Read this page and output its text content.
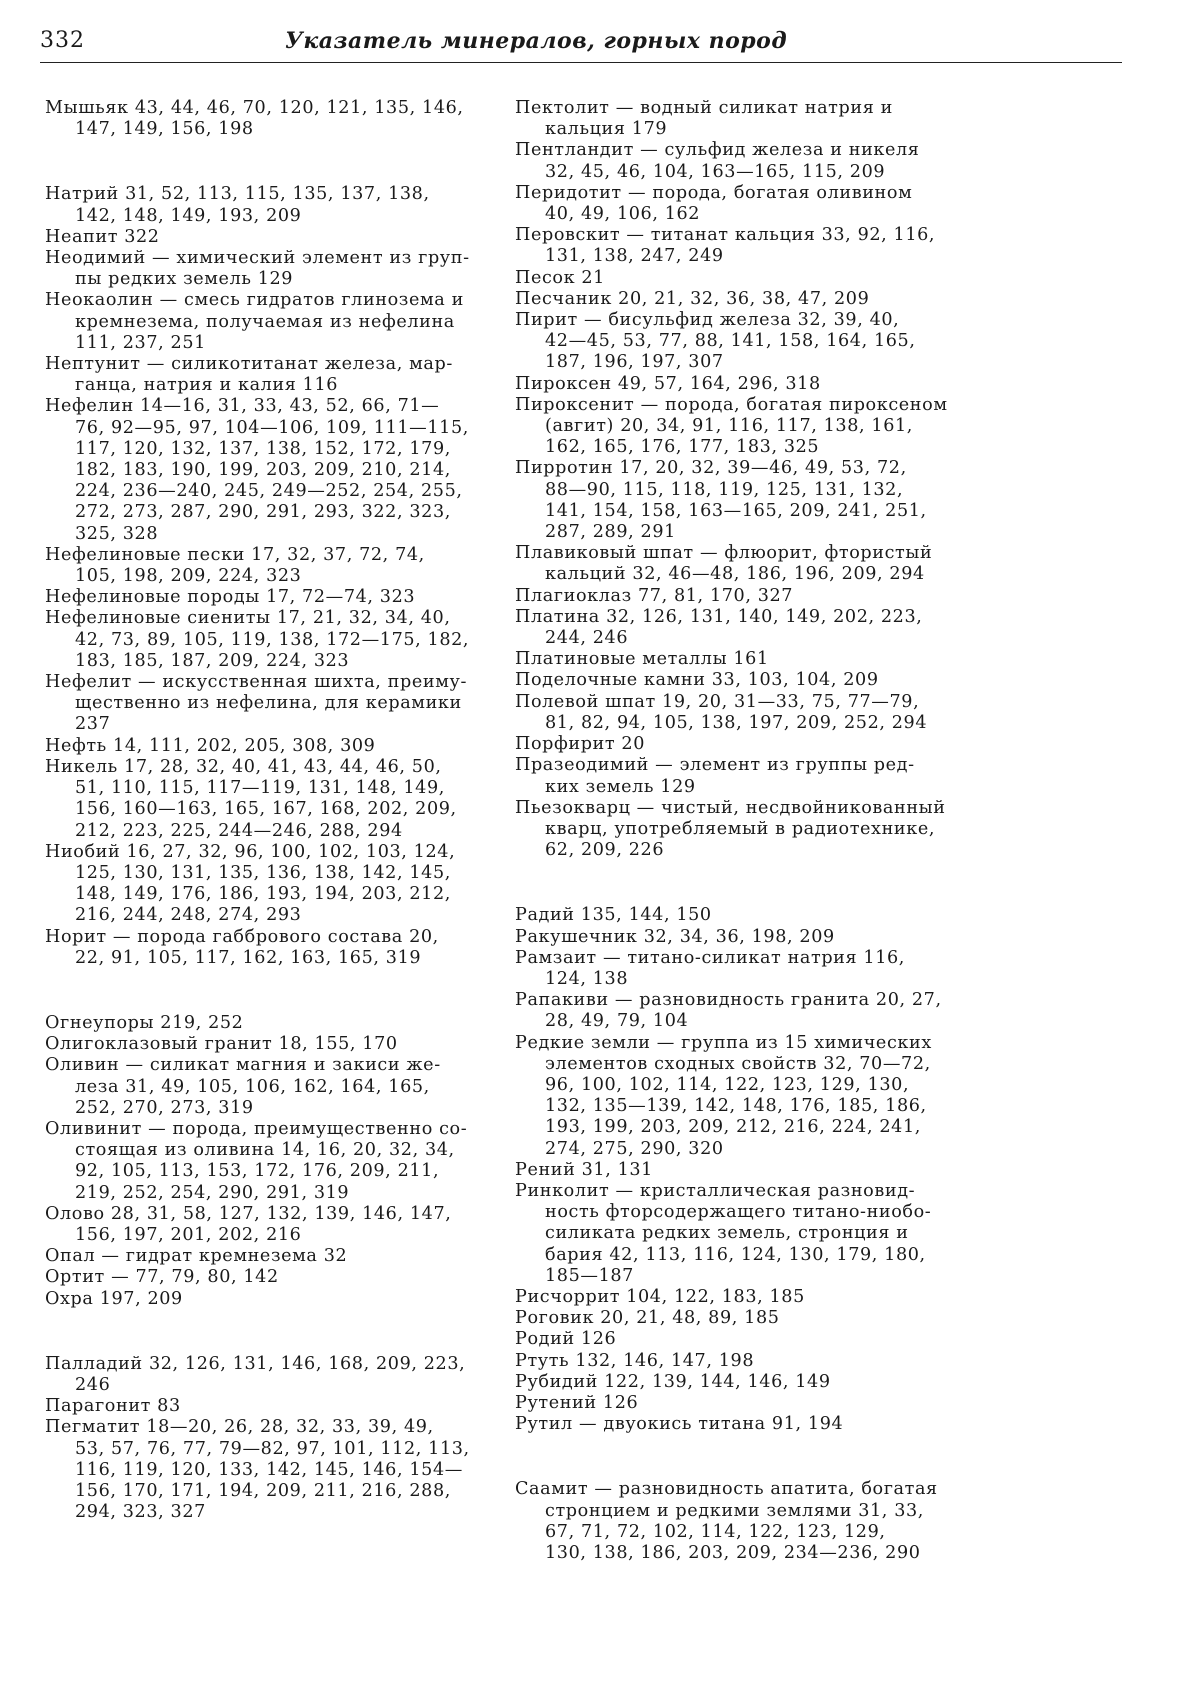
332	Указатель минералов, горных пород
Мышьяк 43, 44, 46, 70, 120, 121, 135, 146,
147, 149, 156, 198
Натрий 31, 52, 113, 115, 135, 137, 138,
142, 148, 149, 193, 209
Неапит 322
Неодимий — химический элемент из груп-
пы редких земель 129
Неокаолин — смесь гидратов глинозема и
кремнезема, получаемая из нефелина
111, 237, 251
Нептунит — силикотитанат железа, мар-
ганца, натрия и калия 116
Нефелин 14—16, 31, 33, 43, 52, 66, 71—
76, 92—95, 97, 104—106, 109, 111—115,
117, 120, 132, 137, 138, 152, 172, 179,
182, 183, 190, 199, 203, 209, 210, 214,
224, 236—240, 245, 249—252, 254, 255,
272, 273, 287, 290, 291, 293, 322, 323,
325, 328
Нефелиновые пески 17, 32, 37, 72, 74,
105, 198, 209, 224, 323
Нефелиновые породы 17, 72—74, 323
Нефелиновые сиениты 17, 21, 32, 34, 40,
42, 73, 89, 105, 119, 138, 172—175, 182,
183, 185, 187, 209, 224, 323
Нефелит — искусственная шихта, преиму-
щественно из нефелина, для керамики
237
Нефть 14, 111, 202, 205, 308, 309
Никель 17, 28, 32, 40, 41, 43, 44, 46, 50,
51, 110, 115, 117—119, 131, 148, 149,
156, 160—163, 165, 167, 168, 202, 209,
212, 223, 225, 244—246, 288, 294
Ниобий 16, 27, 32, 96, 100, 102, 103, 124,
125, 130, 131, 135, 136, 138, 142, 145,
148, 149, 176, 186, 193, 194, 203, 212,
216, 244, 248, 274, 293
Норит — порода габбрового состава 20,
22, 91, 105, 117, 162, 163, 165, 319
Огнеупоры 219, 252
Олигоклазовый гранит 18, 155, 170
Оливин — силикат магния и закиси же-
леза 31, 49, 105, 106, 162, 164, 165,
252, 270, 273, 319
Оливинит — порода, преимущественно со-
стоящая из оливина 14, 16, 20, 32, 34,
92, 105, 113, 153, 172, 176, 209, 211,
219, 252, 254, 290, 291, 319
Олово 28, 31, 58, 127, 132, 139, 146, 147,
156, 197, 201, 202, 216
Опал — гидрат кремнезема 32
Ортит — 77, 79, 80, 142
Охра 197, 209
Палладий 32, 126, 131, 146, 168, 209, 223,
246
Парагонит 83
Пегматит 18—20, 26, 28, 32, 33, 39, 49,
53, 57, 76, 77, 79—82, 97, 101, 112, 113,
116, 119, 120, 133, 142, 145, 146, 154—
156, 170, 171, 194, 209, 211, 216, 288,
294, 323, 327
Пектолит — водный силикат натрия и
кальция 179
Пентландит — сульфид железа и никеля
32, 45, 46, 104, 163—165, 115, 209
Перидотит — порода, богатая оливином
40, 49, 106, 162
Перовскит — титанат кальция 33, 92, 116,
131, 138, 247, 249
Песок 21
Песчаник 20, 21, 32, 36, 38, 47, 209
Пирит — бисульфид железа 32, 39, 40,
42—45, 53, 77, 88, 141, 158, 164, 165,
187, 196, 197, 307
Пироксен 49, 57, 164, 296, 318
Пироксенит — порода, богатая пироксеном
(авгит) 20, 34, 91, 116, 117, 138, 161,
162, 165, 176, 177, 183, 325
Пирротин 17, 20, 32, 39—46, 49, 53, 72,
88—90, 115, 118, 119, 125, 131, 132,
141, 154, 158, 163—165, 209, 241, 251,
287, 289, 291
Плавиковый шпат — флюорит, фтористый
кальций 32, 46—48, 186, 196, 209, 294
Плагиоклаз 77, 81, 170, 327
Платина 32, 126, 131, 140, 149, 202, 223,
244, 246
Платиновые металлы 161
Поделочные камни 33, 103, 104, 209
Полевой шпат 19, 20, 31—33, 75, 77—79,
81, 82, 94, 105, 138, 197, 209, 252, 294
Порфирит 20
Празеодимий — элемент из группы ред-
ких земель 129
Пьезокварц — чистый, несдвойникованный
кварц, употребляемый в радиотехнике,
62, 209, 226
Радий 135, 144, 150
Ракушечник 32, 34, 36, 198, 209
Рамзаит — титано-силикат натрия 116,
124, 138
Рапакиви — разновидность гранита 20, 27,
28, 49, 79, 104
Редкие земли — группа из 15 химических
элементов сходных свойств 32, 70—72,
96, 100, 102, 114, 122, 123, 129, 130,
132, 135—139, 142, 148, 176, 185, 186,
193, 199, 203, 209, 212, 216, 224, 241,
274, 275, 290, 320
Рений 31, 131
Ринколит — кристаллическая разновид-
ность фторсодержащего титано-ниобо-
силиката редких земель, стронция и
бария 42, 113, 116, 124, 130, 179, 180,
185—187
Рисчоррит 104, 122, 183, 185
Роговик 20, 21, 48, 89, 185
Родий 126
Ртуть 132, 146, 147, 198
Рубидий 122, 139, 144, 146, 149
Рутений 126
Рутил — двуокись титана 91, 194
Саамит — разновидность апатита, богатая
стронцием и редкими землями 31, 33,
67, 71, 72, 102, 114, 122, 123, 129,
130, 138, 186, 203, 209, 234—236, 290
